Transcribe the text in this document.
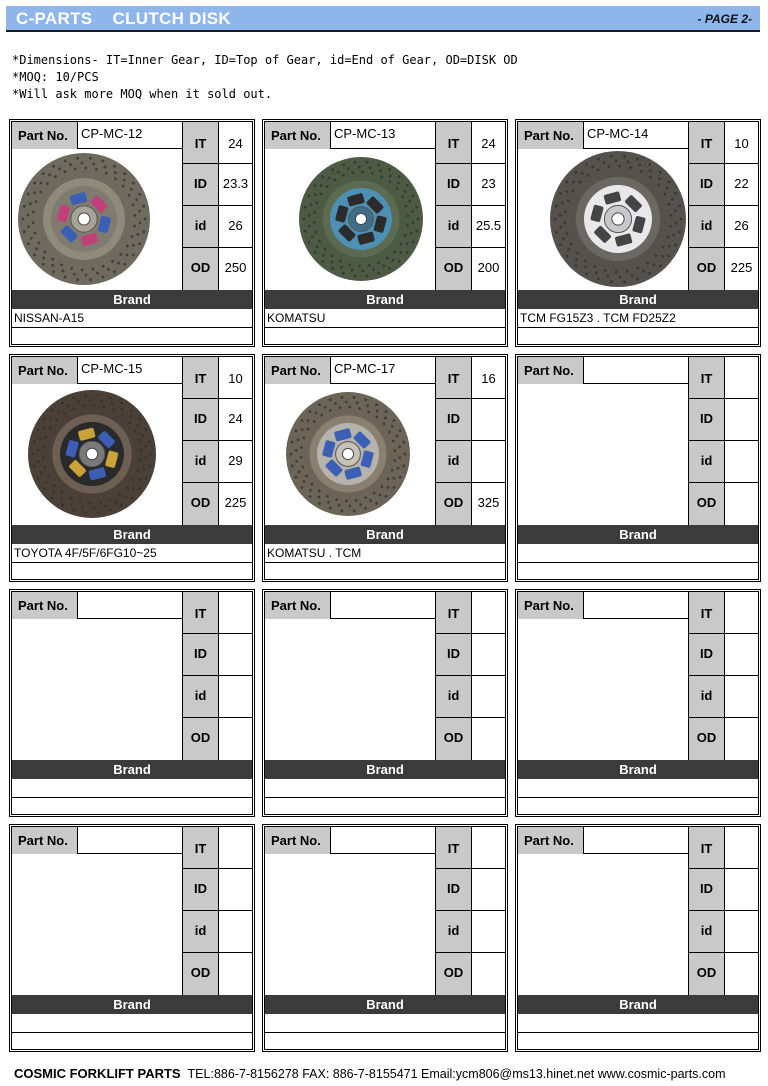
C-PARTS    CLUTCH DISK	- PAGE 2-
*Dimensions- IT=Inner Gear, ID=Top of Gear, id=End of Gear, OD=DISK OD
*MOQ: 10/PCS
*Will ask more MOQ when it sold out.
Part No.	CP-MC-12
IT	24
ID	23.3
id	26
OD	250
Brand
NISSAN-A15
Part No.	CP-MC-13
IT	24
ID	23
id	25.5
OD	200
Brand
KOMATSU
Part No.	CP-MC-14
IT	10
ID	22
id	26
OD	225
Brand
TCM FG15Z3 . TCM FD25Z2
Part No.	CP-MC-15
IT	10
ID	24
id	29
OD	225
Brand
TOYOTA 4F/5F/6FG10~25
Part No.	CP-MC-17
IT	16
ID
id
OD	325
Brand
KOMATSU . TCM
Part No.
IT
ID
id
OD
Brand
Part No.
IT
ID
id
OD
Brand
Part No.
IT
ID
id
OD
Brand
Part No.
IT
ID
id
OD
Brand
Part No.
IT
ID
id
OD
Brand
Part No.
IT
ID
id
OD
Brand
Part No.
IT
ID
id
OD
Brand
COSMIC FORKLIFT PARTS TEL:886-7-8156278 FAX: 886-7-8155471 Email:ycm806@ms13.hinet.net www.cosmic-parts.com
